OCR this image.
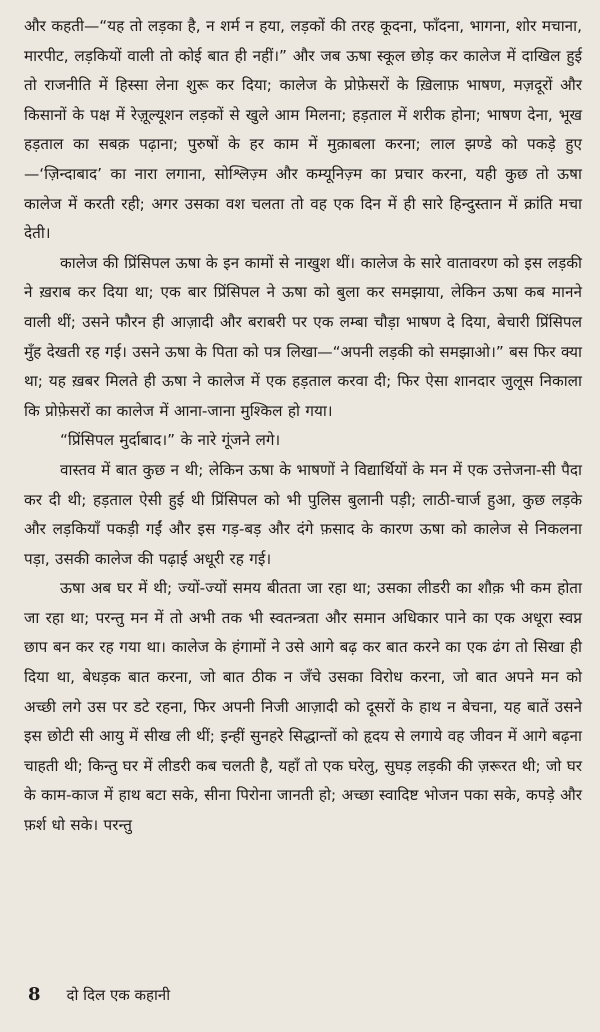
और कहती—“यह तो लड़का है, न शर्म न हया, लड़कों की तरह कूदना, फाँदना, भागना, शोर मचाना, मारपीट, लड़कियों वाली तो कोई बात ही नहीं।” और जब ऊषा स्कूल छोड़ कर कालेज में दाखिल हुई तो राजनीति में हिस्सा लेना शुरू कर दिया; कालेज के प्रोफ़ेसरों के ख़िलाफ़ भाषण, मज़दूरों और किसानों के पक्ष में रेज़ूल्यूशन लड़कों से खुले आम मिलना; हड़ताल में शरीक होना; भाषण देना, भूख हड़ताल का सबक़ पढ़ाना; पुरुषों के हर काम में मुक़ाबला करना; लाल झण्डे को पकड़े हुए—‘ज़िन्दाबाद’ का नारा लगाना, सोश्लिज़्म और कम्यूनिज़्म का प्रचार करना, यही कुछ तो ऊषा कालेज में करती रही; अगर उसका वश चलता तो वह एक दिन में ही सारे हिन्दुस्तान में क्रांति मचा देती।

कालेज की प्रिंसिपल ऊषा के इन कामों से नाखुश थीं। कालेज के सारे वातावरण को इस लड़की ने ख़राब कर दिया था; एक बार प्रिंसिपल ने ऊषा को बुला कर समझाया, लेकिन ऊषा कब मानने वाली थीं; उसने फौरन ही आज़ादी और बराबरी पर एक लम्बा चौड़ा भाषण दे दिया, बेचारी प्रिंसिपल मुँह देखती रह गई। उसने ऊषा के पिता को पत्र लिखा—“अपनी लड़की को समझाओ।” बस फिर क्या था; यह ख़बर मिलते ही ऊषा ने कालेज में एक हड़ताल करवा दी; फिर ऐसा शानदार जुलूस निकाला कि प्रोफ़ेसरों का कालेज में आना-जाना मुश्किल हो गया।

“प्रिंसिपल मुर्दाबाद।” के नारे गूंजने लगे।

वास्तव में बात कुछ न थी; लेकिन ऊषा के भाषणों ने विद्यार्थियों के मन में एक उत्तेजना-सी पैदा कर दी थी; हड़ताल ऐसी हुई थी प्रिंसिपल को भी पुलिस बुलानी पड़ी; लाठी-चार्ज हुआ, कुछ लड़के और लड़कियाँ पकड़ी गईं और इस गड़-बड़ और दंगे फ़साद के कारण ऊषा को कालेज से निकलना पड़ा, उसकी कालेज की पढ़ाई अधूरी रह गई।

ऊषा अब घर में थी; ज्यों-ज्यों समय बीतता जा रहा था; उसका लीडरी का शौक़ भी कम होता जा रहा था; परन्तु मन में तो अभी तक भी स्वतन्त्रता और समान अधिकार पाने का एक अधूरा स्वप्न छाप बन कर रह गया था। कालेज के हंगामों ने उसे आगे बढ़ कर बात करने का एक ढंग तो सिखा ही दिया था, बेधड़क बात करना, जो बात ठीक न जँचे उसका विरोध करना, जो बात अपने मन को अच्छी लगे उस पर डटे रहना, फिर अपनी निजी आज़ादी को दूसरों के हाथ न बेचना, यह बातें उसने इस छोटी सी आयु में सीख ली थीं; इन्हीं सुनहरे सिद्धान्तों को हृदय से लगाये वह जीवन में आगे बढ़ना चाहती थी; किन्तु घर में लीडरी कब चलती है, यहाँ तो एक घरेलु, सुघड़ लड़की की ज़रूरत थी; जो घर के काम-काज में हाथ बटा सके, सीना पिरोना जानती हो; अच्छा स्वादिष्ट भोजन पका सके, कपड़े और फ़र्श धो सके। परन्तु

8 दो दिल एक कहानी
